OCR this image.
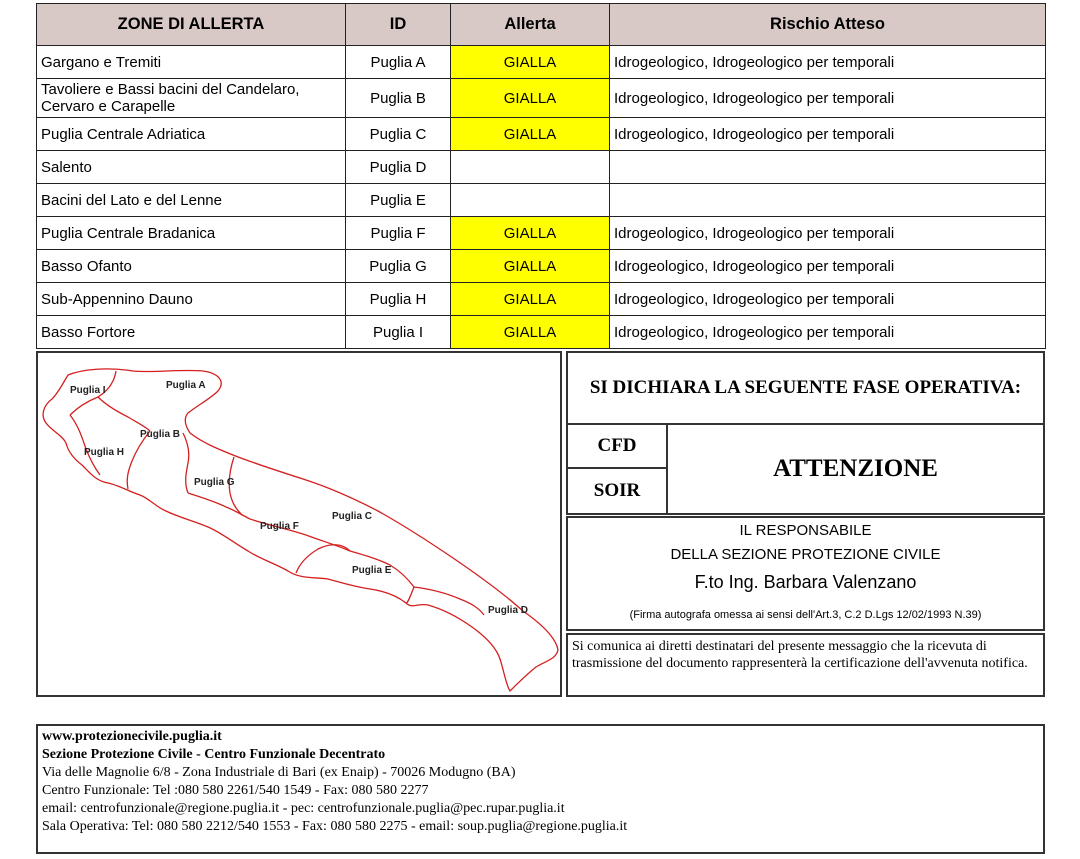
ZONE DI ALLERTA	ID	Allerta	Rischio Atteso
Gargano e Tremiti	Puglia A	GIALLA	Idrogeologico, Idrogeologico per temporali
Tavoliere e Bassi bacini del Candelaro, Cervaro e Carapelle	Puglia B	GIALLA	Idrogeologico, Idrogeologico per temporali
Puglia Centrale Adriatica	Puglia C	GIALLA	Idrogeologico, Idrogeologico per temporali
Salento	Puglia D		
Bacini del Lato e del Lenne	Puglia E		
Puglia Centrale Bradanica	Puglia F	GIALLA	Idrogeologico, Idrogeologico per temporali
Basso Ofanto	Puglia G	GIALLA	Idrogeologico, Idrogeologico per temporali
Sub-Appennino Dauno	Puglia H	GIALLA	Idrogeologico, Idrogeologico per temporali
Basso Fortore	Puglia I	GIALLA	Idrogeologico, Idrogeologico per temporali
Puglia A
Puglia B
Puglia C
Puglia D
Puglia E
Puglia F
Puglia G
Puglia H
Puglia I	SI DICHIARA LA SEGUENTE FASE OPERATIVA:
CFD
SOIR
ATTENZIONE
IL RESPONSABILE
DELLA SEZIONE PROTEZIONE CIVILE
F.to Ing. Barbara Valenzano
(Firma autografa omessa ai sensi dell'Art.3, C.2 D.Lgs 12/02/1993 N.39)
Si comunica ai diretti destinatari del presente messaggio che la ricevuta di trasmissione del documento rappresenterà la certificazione dell'avvenuta notifica.
www.protezionecivile.puglia.it
Sezione Protezione Civile - Centro Funzionale Decentrato
Via delle Magnolie 6/8 - Zona Industriale di Bari (ex Enaip) - 70026 Modugno (BA)
Centro Funzionale: Tel :080 580 2261/540 1549 - Fax: 080 580 2277
email: centrofunzionale@regione.puglia.it - pec: centrofunzionale.puglia@pec.rupar.puglia.it
Sala Operativa: Tel: 080 580 2212/540 1553 - Fax: 080 580 2275 - email: soup.puglia@regione.puglia.it
